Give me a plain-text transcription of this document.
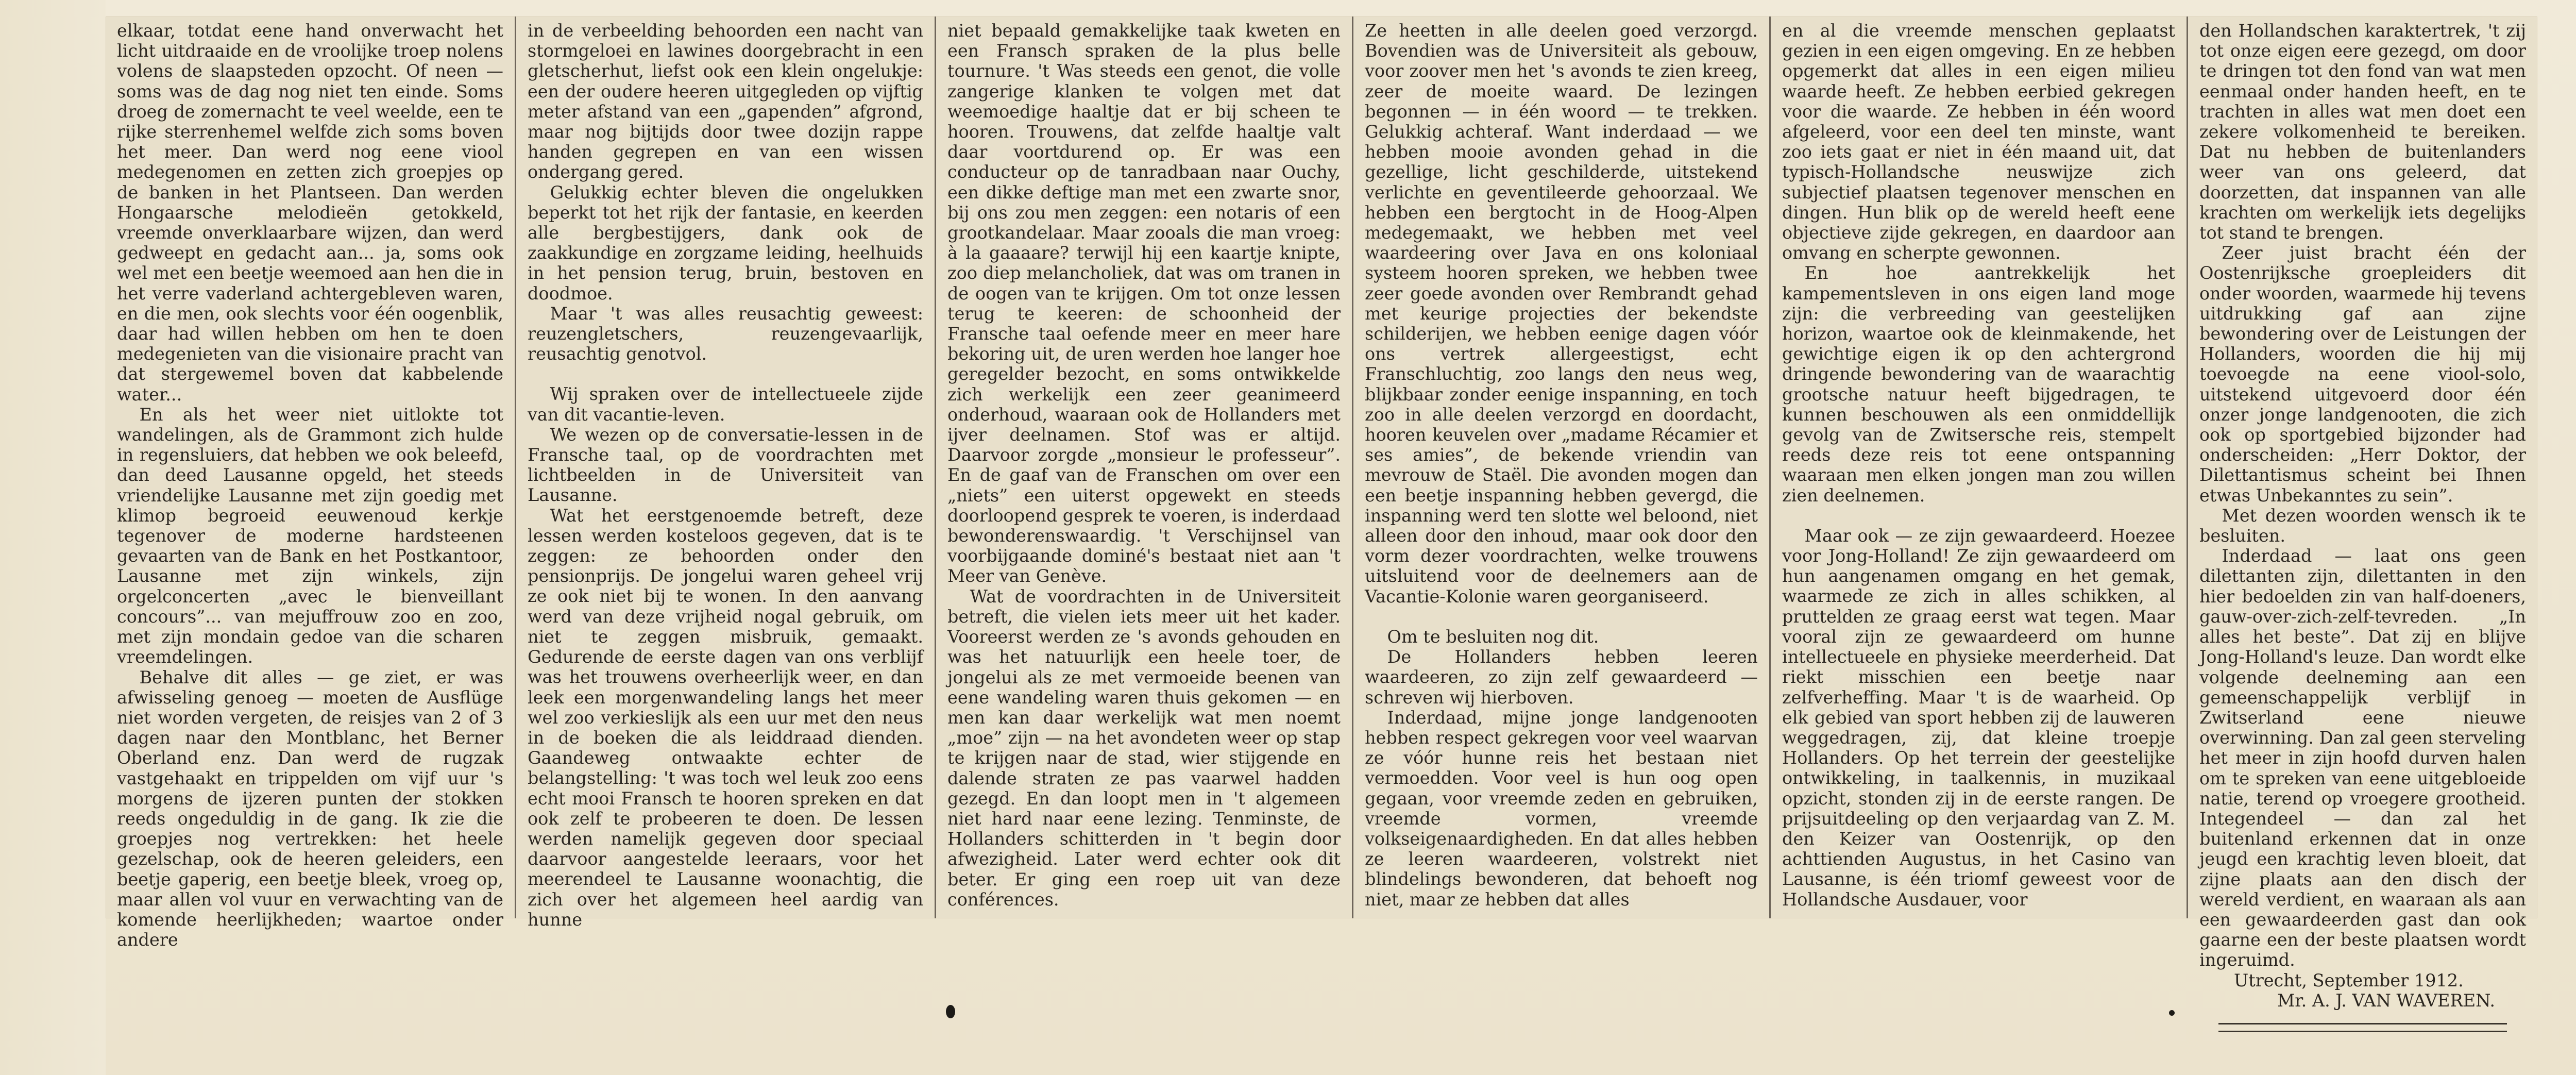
elkaar, totdat eene hand onverwacht het licht uitdraaide en de vroolijke troep nolens volens de slaapsteden opzocht. Of neen — soms was de dag nog niet ten einde. Soms droeg de zomernacht te veel weelde, een te rijke sterrenhemel welfde zich soms boven het meer. Dan werd nog eene viool medegenomen en zetten zich groepjes op de banken in het Plantseen. Dan werden Hongaarsche melodieën getokkeld, vreemde onverklaarbare wijzen, dan werd gedweept en gedacht aan... ja, soms ook wel met een beetje weemoed aan hen die in het verre vaderland achtergebleven waren, en die men, ook slechts voor één oogenblik, daar had willen hebben om hen te doen medegenieten van die visionaire pracht van dat stergewemel boven dat kabbelende water...

En als het weer niet uitlokte tot wandelingen, als de Grammont zich hulde in regensluiers, dat hebben we ook beleefd, dan deed Lausanne opgeld, het steeds vriendelijke Lausanne met zijn goedig met klimop begroeid eeuwenoud kerkje tegenover de moderne hardsteenen gevaarten van de Bank en het Postkantoor, Lausanne met zijn winkels, zijn orgelconcerten „avec le bienveillant concours”... van mejuffrouw zoo en zoo, met zijn mondain gedoe van die scharen vreemdelingen.

Behalve dit alles — ge ziet, er was afwisseling genoeg — moeten de Ausflüge niet worden vergeten, de reisjes van 2 of 3 dagen naar den Montblanc, het Berner Oberland enz. Dan werd de rugzak vastgehaakt en trippelden om vijf uur 's morgens de ijzeren punten der stokken reeds ongeduldig in de gang. Ik zie die groepjes nog vertrekken: het heele gezelschap, ook de heeren geleiders, een beetje gaperig, een beetje bleek, vroeg op, maar allen vol vuur en verwachting van de komende heerlijkheden; waartoe onder andere

in de verbeelding behoorden een nacht van stormgeloei en lawines doorgebracht in een gletscherhut, liefst ook een klein ongelukje: een der oudere heeren uitgegleden op vijftig meter afstand van een „gapenden” afgrond, maar nog bijtijds door twee dozijn rappe handen gegrepen en van een wissen ondergang gered.

Gelukkig echter bleven die ongelukken beperkt tot het rijk der fantasie, en keerden alle bergbestijgers, dank ook de zaakkundige en zorgzame leiding, heelhuids in het pension terug, bruin, bestoven en doodmoe.

Maar 't was alles reusachtig geweest: reuzengletschers, reuzengevaarlijk, reusachtig genotvol.

Wij spraken over de intellectueele zijde van dit vacantie-leven.

We wezen op de conversatie-lessen in de Fransche taal, op de voordrachten met lichtbeelden in de Universiteit van Lausanne.

Wat het eerstgenoemde betreft, deze lessen werden kosteloos gegeven, dat is te zeggen: ze behoorden onder den pensionprijs. De jongelui waren geheel vrij ze ook niet bij te wonen. In den aanvang werd van deze vrijheid nogal gebruik, om niet te zeggen misbruik, gemaakt. Gedurende de eerste dagen van ons verblijf was het trouwens overheerlijk weer, en dan leek een morgenwandeling langs het meer wel zoo verkieslijk als een uur met den neus in de boeken die als leiddraad dienden. Gaandeweg ontwaakte echter de belangstelling: 't was toch wel leuk zoo eens echt mooi Fransch te hooren spreken en dat ook zelf te probeeren te doen. De lessen werden namelijk gegeven door speciaal daarvoor aangestelde leeraars, voor het meerendeel te Lausanne woonachtig, die zich over het algemeen heel aardig van hunne

niet bepaald gemakkelijke taak kweten en een Fransch spraken de la plus belle tournure. 't Was steeds een genot, die volle zangerige klanken te volgen met dat weemoedige haaltje dat er bij scheen te hooren. Trouwens, dat zelfde haaltje valt daar voortdurend op. Er was een conducteur op de tanradbaan naar Ouchy, een dikke deftige man met een zwarte snor, bij ons zou men zeggen: een notaris of een grootkandelaar. Maar zooals die man vroeg: à la gaaaare? terwijl hij een kaartje knipte, zoo diep melancholiek, dat was om tranen in de oogen van te krijgen. Om tot onze lessen terug te keeren: de schoonheid der Fransche taal oefende meer en meer hare bekoring uit, de uren werden hoe langer hoe geregelder bezocht, en soms ontwikkelde zich werkelijk een zeer geanimeerd onderhoud, waaraan ook de Hollanders met ijver deelnamen. Stof was er altijd. Daarvoor zorgde „monsieur le professeur”. En de gaaf van de Franschen om over een „niets” een uiterst opgewekt en steeds doorloopend gesprek te voeren, is inderdaad bewonderenswaardig. 't Verschijnsel van voorbijgaande dominé's bestaat niet aan 't Meer van Genève.

Wat de voordrachten in de Universiteit betreft, die vielen iets meer uit het kader. Vooreerst werden ze 's avonds gehouden en was het natuurlijk een heele toer, de jongelui als ze met vermoeide beenen van eene wandeling waren thuis gekomen — en men kan daar werkelijk wat men noemt „moe” zijn — na het avondeten weer op stap te krijgen naar de stad, wier stijgende en dalende straten ze pas vaarwel hadden gezegd. En dan loopt men in 't algemeen niet hard naar eene lezing. Tenminste, de Hollanders schitterden in 't begin door afwezigheid. Later werd echter ook dit beter. Er ging een roep uit van deze conférences.

Ze heetten in alle deelen goed verzorgd. Bovendien was de Universiteit als gebouw, voor zoover men het 's avonds te zien kreeg, zeer de moeite waard. De lezingen begonnen — in één woord — te trekken. Gelukkig achteraf. Want inderdaad — we hebben mooie avonden gehad in die gezellige, licht geschilderde, uitstekend verlichte en geventileerde gehoorzaal. We hebben een bergtocht in de Hoog-Alpen medegemaakt, we hebben met veel waardeering over Java en ons koloniaal systeem hooren spreken, we hebben twee zeer goede avonden over Rembrandt gehad met keurige projecties der bekendste schilderijen, we hebben eenige dagen vóór ons vertrek allergeestigst, echt Franschluchtig, zoo langs den neus weg, blijkbaar zonder eenige inspanning, en toch zoo in alle deelen verzorgd en doordacht, hooren keuvelen over „madame Récamier et ses amies”, de bekende vriendin van mevrouw de Staël. Die avonden mogen dan een beetje inspanning hebben gevergd, die inspanning werd ten slotte wel beloond, niet alleen door den inhoud, maar ook door den vorm dezer voordrachten, welke trouwens uitsluitend voor de deelnemers aan de Vacantie-Kolonie waren georganiseerd.

Om te besluiten nog dit.

De Hollanders hebben leeren waardeeren, zo zijn zelf gewaardeerd — schreven wij hierboven.

Inderdaad, mijne jonge landgenooten hebben respect gekregen voor veel waarvan ze vóór hunne reis het bestaan niet vermoedden. Voor veel is hun oog open gegaan, voor vreemde zeden en gebruiken, vreemde vormen, vreemde volkseigenaardigheden. En dat alles hebben ze leeren waardeeren, volstrekt niet blindelings bewonderen, dat behoeft nog niet, maar ze hebben dat alles

en al die vreemde menschen geplaatst gezien in een eigen omgeving. En ze hebben opgemerkt dat alles in een eigen milieu waarde heeft. Ze hebben eerbied gekregen voor die waarde. Ze hebben in één woord afgeleerd, voor een deel ten minste, want zoo iets gaat er niet in één maand uit, dat typisch-Hollandsche neuswijze zich subjectief plaatsen tegenover menschen en dingen. Hun blik op de wereld heeft eene objectieve zijde gekregen, en daardoor aan omvang en scherpte gewonnen.

En hoe aantrekkelijk het kampementsleven in ons eigen land moge zijn: die verbreeding van geestelijken horizon, waartoe ook de kleinmakende, het gewichtige eigen ik op den achtergrond dringende bewondering van de waarachtig grootsche natuur heeft bijgedragen, te kunnen beschouwen als een onmiddellijk gevolg van de Zwitsersche reis, stempelt reeds deze reis tot eene ontspanning waaraan men elken jongen man zou willen zien deelnemen.

Maar ook — ze zijn gewaardeerd. Hoezee voor Jong-Holland! Ze zijn gewaardeerd om hun aangenamen omgang en het gemak, waarmede ze zich in alles schikken, al pruttelden ze graag eerst wat tegen. Maar vooral zijn ze gewaardeerd om hunne intellectueele en physieke meerderheid. Dat riekt misschien een beetje naar zelfverheffing. Maar 't is de waarheid. Op elk gebied van sport hebben zij de lauweren weggedragen, zij, dat kleine troepje Hollanders. Op het terrein der geestelijke ontwikkeling, in taalkennis, in muzikaal opzicht, stonden zij in de eerste rangen. De prijsuitdeeling op den verjaardag van Z. M. den Keizer van Oostenrijk, op den achttienden Augustus, in het Casino van Lausanne, is één triomf geweest voor de Hollandsche Ausdauer, voor

den Hollandschen karaktertrek, 't zij tot onze eigen eere gezegd, om door te dringen tot den fond van wat men eenmaal onder handen heeft, en te trachten in alles wat men doet een zekere volkomenheid te bereiken. Dat nu hebben de buitenlanders weer van ons geleerd, dat doorzetten, dat inspannen van alle krachten om werkelijk iets degelijks tot stand te brengen.

Zeer juist bracht één der Oostenrijksche groepleiders dit onder woorden, waarmede hij tevens uitdrukking gaf aan zijne bewondering over de Leistungen der Hollanders, woorden die hij mij toevoegde na eene viool-solo, uitstekend uitgevoerd door één onzer jonge landgenooten, die zich ook op sportgebied bijzonder had onderscheiden: „Herr Doktor, der Dilettantismus scheint bei Ihnen etwas Unbekanntes zu sein”.

Met dezen woorden wensch ik te besluiten.

Inderdaad — laat ons geen dilettanten zijn, dilettanten in den hier bedoelden zin van half-doeners, gauw-over-zich-zelf-tevreden. „In alles het beste”. Dat zij en blijve Jong-Holland's leuze. Dan wordt elke volgende deelneming aan een gemeenschappelijk verblijf in Zwitserland eene nieuwe overwinning. Dan zal geen sterveling het meer in zijn hoofd durven halen om te spreken van eene uitgebloeide natie, terend op vroegere grootheid. Integendeel — dan zal het buitenland erkennen dat in onze jeugd een krachtig leven bloeit, dat zijne plaats aan den disch der wereld verdient, en waaraan als aan een gewaardeerden gast dan ook gaarne een der beste plaatsen wordt ingeruimd.

Utrecht, September 1912.

Mr. A. J. VAN WAVEREN.
